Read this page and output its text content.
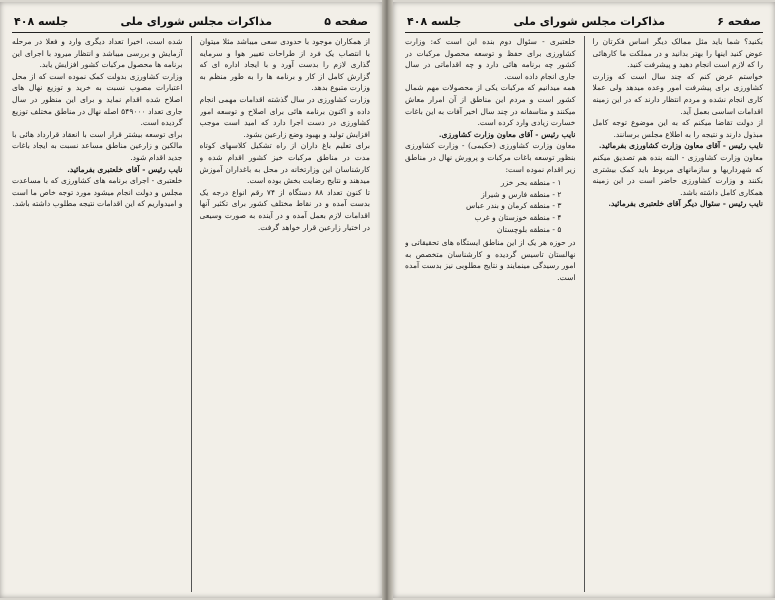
صفحه ۵
مذاکرات مجلس شورای ملی
جلسه ۴۰۸

از همکاران موجود با حدودی سعی میباشد مثلا میتوان با انتصاب یک فرد از طراحات تغییر هوا و سرمایه گذاری لازم را بدست آورد و با ایجاد اداره ای که گزارش کامل از کار و برنامه ها را به طور منظم به وزارت متبوع بدهد.

وزارت کشاورزی در سال گذشته اقدامات مهمی انجام داده و اکنون برنامه هائی برای اصلاح و توسعه امور کشاورزی در دست اجرا دارد که امید است موجب افزایش تولید و بهبود وضع زارعین بشود.

برای تعلیم باغ داران از راه تشکیل کلاسهای کوتاه مدت در مناطق مرکبات خیز کشور اقدام شده و کارشناسان این وزارتخانه در محل به باغداران آموزش میدهند و نتایج رضایت بخش بوده است.

تا کنون تعداد ۸۸ دستگاه از ۷۴ رقم انواع درجه یک بدست آمده و در نقاط مختلف کشور برای تکثیر آنها اقدامات لازم بعمل آمده و در آینده به صورت وسیعی در اختیار زارعین قرار خواهد گرفت.

شده است، اخیرا تعداد دیگری وارد و فعلا در مرحله آزمایش و بررسی میباشد و انتظار میرود با اجرای این برنامه ها محصول مرکبات کشور افزایش یابد.

وزارت کشاورزی بدولت کمک نموده است که از محل اعتبارات مصوب نسبت به خرید و توزیع نهال های اصلاح شده اقدام نماید و برای این منظور در سال جاری تعداد ۵۴۹۰۰۰ اصله نهال در مناطق مختلف توزیع گردیده است.

برای توسعه بیشتر قرار است با انعقاد قرارداد هائی با مالکین و زارعین مناطق مساعد نسبت به ایجاد باغات جدید اقدام شود.

نایب رئیس - آقای خلعتبری بفرمائید.

خلعتبری - اجرای برنامه های کشاورزی که با مساعدت مجلس و دولت انجام میشود مورد توجه خاص ما است و امیدواریم که این اقدامات نتیجه مطلوب داشته باشد.

صفحه ۶
مذاکرات مجلس شورای ملی
جلسه ۴۰۸

بکنید؟ شما باید مثل ممالک دیگر اساس فکرتان را عوض کنید اینها را بهتر بدانید و در مملکت ما کارهائی را که لازم است انجام دهید و پیشرفت کنید.

خواستم عرض کنم که چند سال است که وزارت کشاورزی برای پیشرفت امور وعده میدهد ولی عملا کاری انجام نشده و مردم انتظار دارند که در این زمینه اقدامات اساسی بعمل آید.

از دولت تقاضا میکنم که به این موضوع توجه کامل مبذول دارند و نتیجه را به اطلاع مجلس برسانند.

نایب رئیس - آقای معاون وزارت کشاورزی بفرمائید.

معاون وزارت کشاورزی - البته بنده هم تصدیق میکنم که شهرداریها و سازمانهای مربوط باید کمک بیشتری بکنند و وزارت کشاورزی حاضر است در این زمینه همکاری کامل داشته باشد.

نایب رئیس - سئوال دیگر آقای خلعتبری بفرمائید.

خلعتبری - سئوال دوم بنده این است که: وزارت کشاورزی برای حفظ و توسعه محصول مرکبات در کشور چه برنامه هائی دارد و چه اقداماتی در سال جاری انجام داده است.

همه میدانیم که مرکبات یکی از محصولات مهم شمال کشور است و مردم این مناطق از آن امرار معاش میکنند و متاسفانه در چند سال اخیر آفات به این باغات خسارت زیادی وارد کرده است.

نایب رئیس - آقای معاون وزارت کشاورزی.

معاون وزارت کشاورزی (حکیمی) - وزارت کشاورزی بنظور توسعه باغات مرکبات و پرورش نهال در مناطق زیر اقدام نموده است:

۱ - منطقه بحر خزر
۲ - منطقه فارس و شیراز
۳ - منطقه کرمان و بندر عباس
۴ - منطقه خوزستان و غرب
۵ - منطقه بلوچستان

در حوزه هر یک از این مناطق ایستگاه های تحقیقاتی و نهالستان تاسیس گردیده و کارشناسان متخصص به امور رسیدگی مینمایند و نتایج مطلوبی نیز بدست آمده است.
